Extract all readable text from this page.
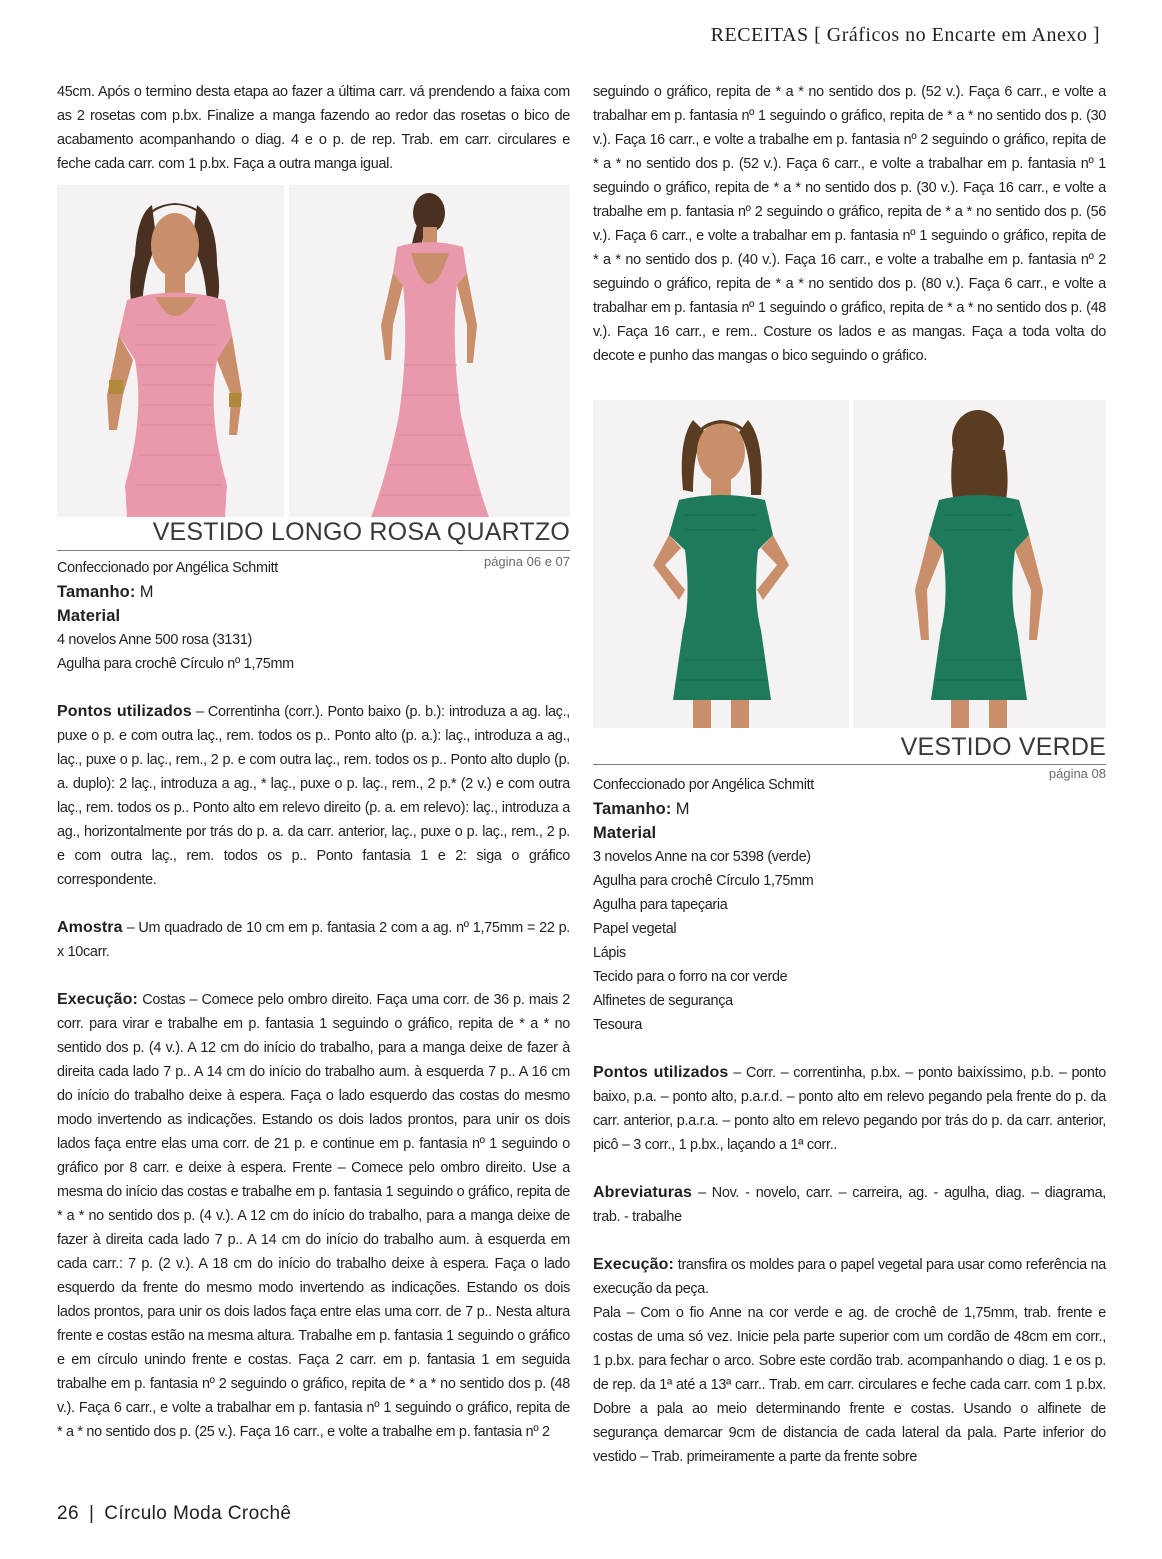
RECEITAS [ Gráficos no Encarte em Anexo ]

45cm. Após o termino desta etapa ao fazer a última carr. vá prendendo a faixa com as 2 rosetas com p.bx. Finalize a manga fazendo ao redor das rosetas o bico de acabamento acompanhando o diag. 4 e o p. de rep. Trab. em carr. circulares e feche cada carr. com 1 p.bx. Faça a outra manga igual.

VESTIDO LONGO ROSA QUARTZO
página 06 e 07
Confeccionado por Angélica Schmitt
Tamanho: M
Material
4 novelos Anne 500 rosa (3131)
Agulha para crochê Círculo nº 1,75mm

Pontos utilizados – Correntinha (corr.). Ponto baixo (p. b.): introduza a ag. laç., puxe o p. e com outra laç., rem. todos os p.. Ponto alto (p. a.): laç., introduza a ag., laç., puxe o p. laç., rem., 2 p. e com outra laç., rem. todos os p.. Ponto alto duplo (p. a. duplo): 2 laç., introduza a ag., * laç., puxe o p. laç., rem., 2 p.* (2 v.) e com outra laç., rem. todos os p.. Ponto alto em relevo direito (p. a. em relevo): laç., introduza a ag., horizontalmente por trás do p. a. da carr. anterior, laç., puxe o p. laç., rem., 2 p. e com outra laç., rem. todos os p.. Ponto fantasia 1 e 2: siga o gráfico correspondente.

Amostra – Um quadrado de 10 cm em p. fantasia 2 com a ag. nº 1,75mm = 22 p. x 10carr.

Execução: Costas – Comece pelo ombro direito. Faça uma corr. de 36 p. mais 2 corr. para virar e trabalhe em p. fantasia 1 seguindo o gráfico, repita de * a * no sentido dos p. (4 v.). A 12 cm do início do trabalho, para a manga deixe de fazer à direita cada lado 7 p.. A 14 cm do início do trabalho aum. à esquerda 7 p.. A 16 cm do início do trabalho deixe à espera. Faça o lado esquerdo das costas do mesmo modo invertendo as indicações. Estando os dois lados prontos, para unir os dois lados faça entre elas uma corr. de 21 p. e continue em p. fantasia nº 1 seguindo o gráfico por 8 carr. e deixe à espera. Frente – Comece pelo ombro direito. Use a mesma do início das costas e trabalhe em p. fantasia 1 seguindo o gráfico, repita de * a * no sentido dos p. (4 v.). A 12 cm do início do trabalho, para a manga deixe de fazer à direita cada lado 7 p.. A 14 cm do início do trabalho aum. à esquerda em cada carr.: 7 p. (2 v.). A 18 cm do início do trabalho deixe à espera. Faça o lado esquerdo da frente do mesmo modo invertendo as indicações. Estando os dois lados prontos, para unir os dois lados faça entre elas uma corr. de 7 p.. Nesta altura frente e costas estão na mesma altura. Trabalhe em p. fantasia 1 seguindo o gráfico e em círculo unindo frente e costas. Faça 2 carr. em p. fantasia 1 em seguida trabalhe em p. fantasia nº 2 seguindo o gráfico, repita de * a * no sentido dos p. (48 v.). Faça 6 carr., e volte a trabalhar em p. fantasia nº 1 seguindo o gráfico, repita de * a * no sentido dos p. (25 v.). Faça 16 carr., e volte a trabalhe em p. fantasia nº 2

seguindo o gráfico, repita de * a * no sentido dos p. (52 v.). Faça 6 carr., e volte a trabalhar em p. fantasia nº 1 seguindo o gráfico, repita de * a * no sentido dos p. (30 v.). Faça 16 carr., e volte a trabalhe em p. fantasia nº 2 seguindo o gráfico, repita de * a * no sentido dos p. (52 v.). Faça 6 carr., e volte a trabalhar em p. fantasia nº 1 seguindo o gráfico, repita de * a * no sentido dos p. (30 v.). Faça 16 carr., e volte a trabalhe em p. fantasia nº 2 seguindo o gráfico, repita de * a * no sentido dos p. (56 v.). Faça 6 carr., e volte a trabalhar em p. fantasia nº 1 seguindo o gráfico, repita de * a * no sentido dos p. (40 v.). Faça 16 carr., e volte a trabalhe em p. fantasia nº 2 seguindo o gráfico, repita de * a * no sentido dos p. (80 v.). Faça 6 carr., e volte a trabalhar em p. fantasia nº 1 seguindo o gráfico, repita de * a * no sentido dos p. (48 v.). Faça 16 carr., e rem.. Costure os lados e as mangas. Faça a toda volta do decote e punho das mangas o bico seguindo o gráfico.

VESTIDO VERDE
página 08
Confeccionado por Angélica Schmitt
Tamanho: M
Material
3 novelos Anne na cor 5398 (verde)
Agulha para crochê Círculo 1,75mm
Agulha para tapeçaria
Papel vegetal
Lápis
Tecido para o forro na cor verde
Alfinetes de segurança
Tesoura

Pontos utilizados – Corr. – correntinha, p.bx. – ponto baixíssimo, p.b. – ponto baixo, p.a. – ponto alto, p.a.r.d. – ponto alto em relevo pegando pela frente do p. da carr. anterior, p.a.r.a. – ponto alto em relevo pegando por trás do p. da carr. anterior, picô – 3 corr., 1 p.bx., laçando a 1ª corr..

Abreviaturas – Nov. - novelo, carr. – carreira, ag. - agulha, diag. – diagrama, trab. - trabalhe

Execução: transfira os moldes para o papel vegetal para usar como referência na execução da peça.

Pala – Com o fio Anne na cor verde e ag. de crochê de 1,75mm, trab. frente e costas de uma só vez. Inicie pela parte superior com um cordão de 48cm em corr., 1 p.bx. para fechar o arco. Sobre este cordão trab. acompanhando o diag. 1 e os p. de rep. da 1ª até a 13ª carr.. Trab. em carr. circulares e feche cada carr. com 1 p.bx. Dobre a pala ao meio determinando frente e costas. Usando o alfinete de segurança demarcar 9cm de distancia de cada lateral da pala. Parte inferior do vestido – Trab. primeiramente a parte da frente sobre

26 | Círculo Moda Crochê
